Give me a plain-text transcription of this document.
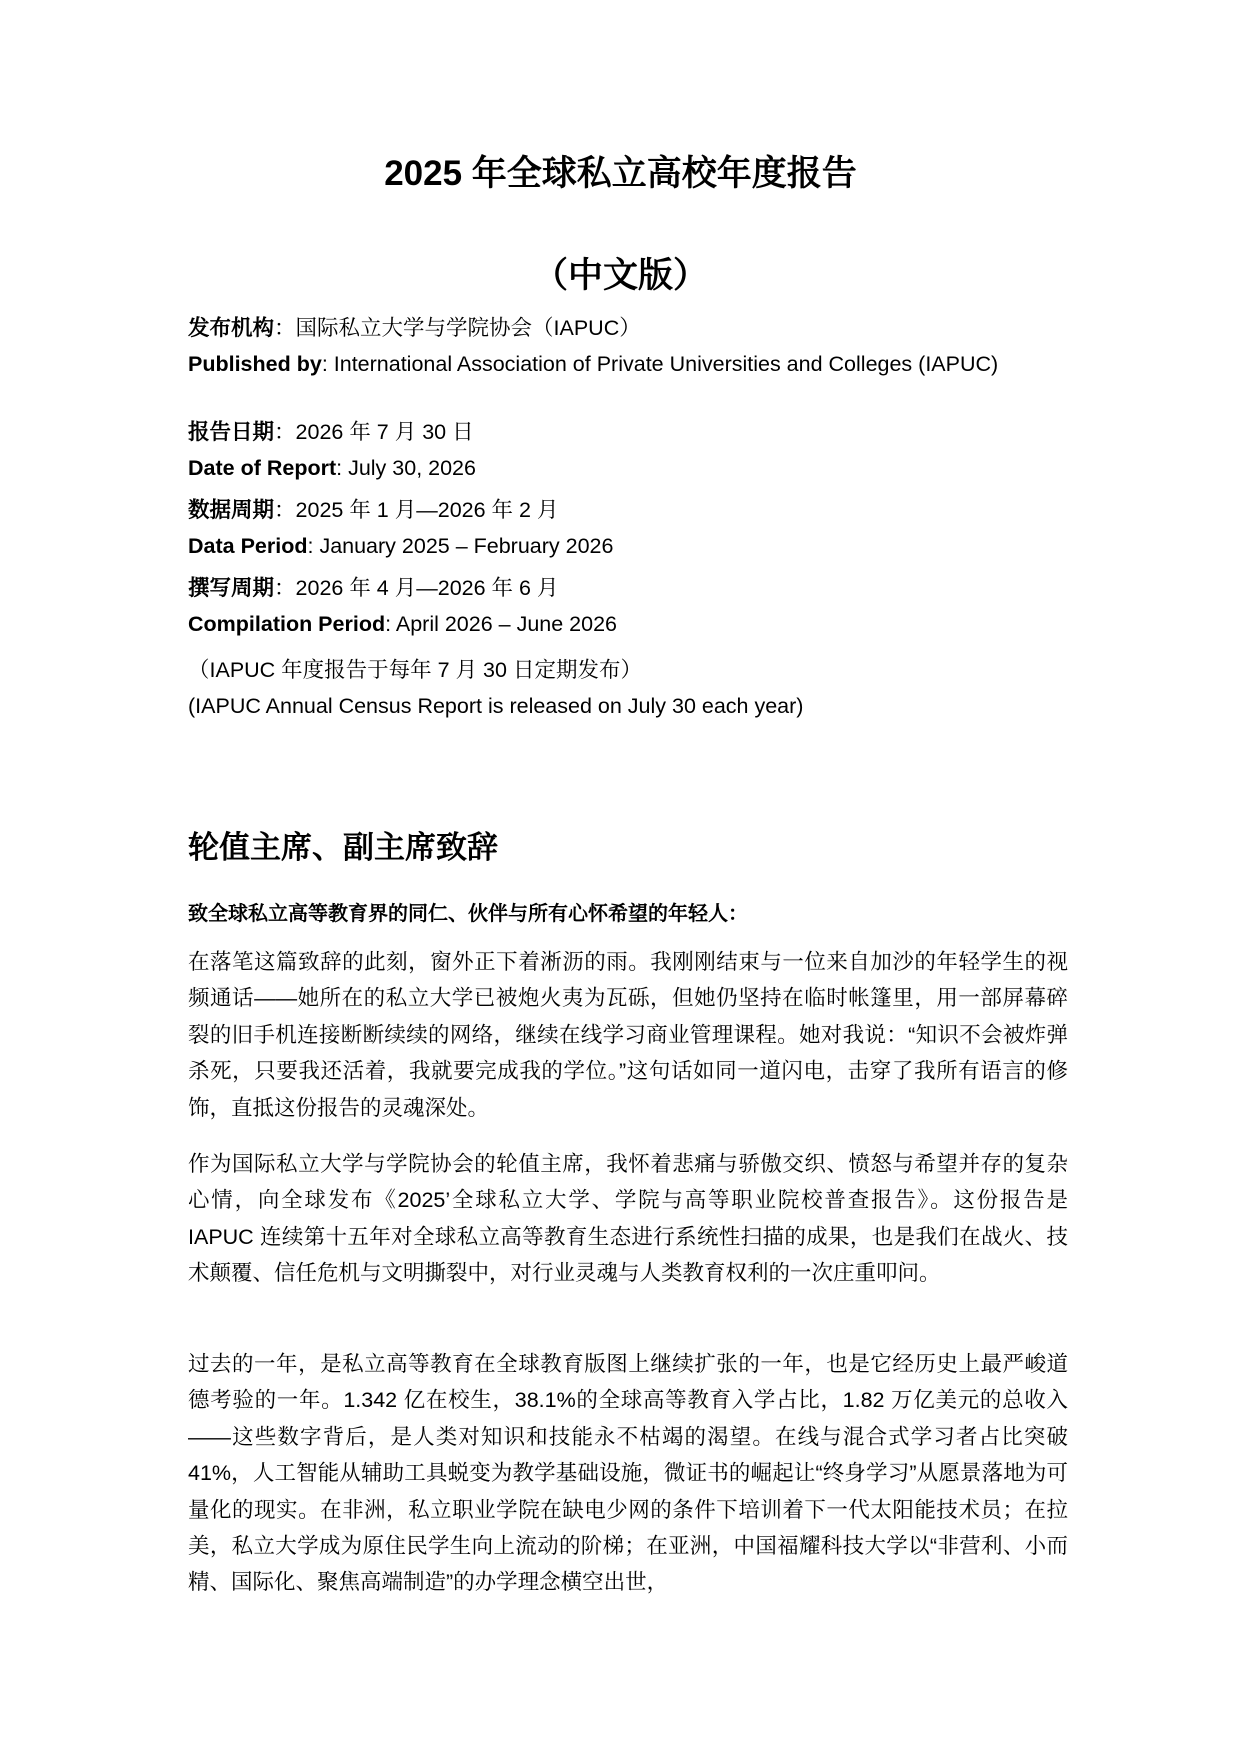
2025 年全球私立高校年度报告
（中文版）
发布机构：国际私立大学与学院协会（IAPUC）
Published by: International Association of Private Universities and Colleges (IAPUC)
报告日期：2026 年 7 月 30 日
Date of Report: July 30, 2026
数据周期：2025 年 1 月—2026 年 2 月
Data Period: January 2025 – February 2026
撰写周期：2026 年 4 月—2026 年 6 月
Compilation Period: April 2026 – June 2026
（IAPUC 年度报告于每年 7 月 30 日定期发布）
(IAPUC Annual Census Report is released on July 30 each year)
轮值主席、副主席致辞

致全球私立高等教育界的同仁、伙伴与所有心怀希望的年轻人：

在落笔这篇致辞的此刻，窗外正下着淅沥的雨。我刚刚结束与一位来自加沙的年轻学生的视频通话——她所在的私立大学已被炮火夷为瓦砾，但她仍坚持在临时帐篷里，用一部屏幕碎裂的旧手机连接断断续续的网络，继续在线学习商业管理课程。她对我说：“知识不会被炸弹杀死，只要我还活着，我就要完成我的学位。”这句话如同一道闪电，击穿了我所有语言的修饰，直抵这份报告的灵魂深处。

作为国际私立大学与学院协会的轮值主席，我怀着悲痛与骄傲交织、愤怒与希望并存的复杂心情，向全球发布《2025’全球私立大学、学院与高等职业院校普查报告》。这份报告是 IAPUC 连续第十五年对全球私立高等教育生态进行系统性扫描的成果，也是我们在战火、技术颠覆、信任危机与文明撕裂中，对行业灵魂与人类教育权利的一次庄重叩问。

过去的一年，是私立高等教育在全球教育版图上继续扩张的一年，也是它经历史上最严峻道德考验的一年。1.342 亿在校生，38.1%的全球高等教育入学占比，1.82 万亿美元的总收入——这些数字背后，是人类对知识和技能永不枯竭的渴望。在线与混合式学习者占比突破 41%，人工智能从辅助工具蜕变为教学基础设施，微证书的崛起让“终身学习”从愿景落地为可量化的现实。在非洲，私立职业学院在缺电少网的条件下培训着下一代太阳能技术员；在拉美，私立大学成为原住民学生向上流动的阶梯；在亚洲，中国福耀科技大学以“非营利、小而精、国际化、聚焦高端制造”的办学理念横空出世，
